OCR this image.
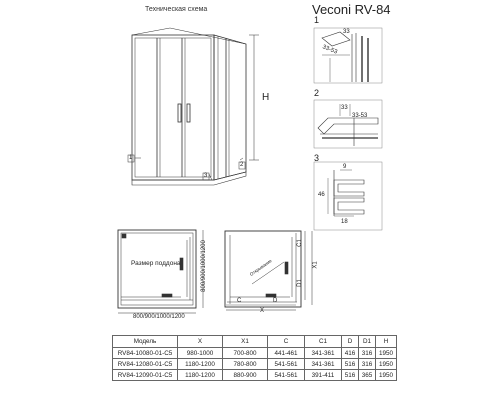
Техническая схема	Veconi RV-84
H
1
2
3
1
33
33-53
2
33
33-53
3
46
9
18
Размер поддона	800/900/1000/1200
800/900/1000/1200
C1
X1
D1
C	D
X
Открывание
Модель	X	X1	C	C1	D	D1	H
RV84-10080-01-C5	980-1000	700-800	441-461	341-361	416	316	1950
RV84-12080-01-C5	1180-1200	780-800	541-561	341-361	516	316	1950
RV84-12090-01-C5	1180-1200	880-900	541-561	391-411	516	365	1950
